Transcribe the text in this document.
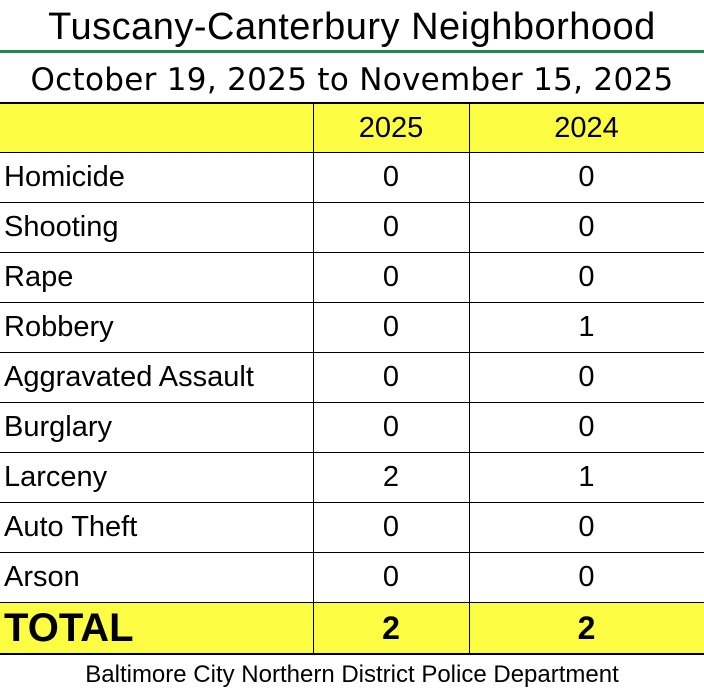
Tuscany-Canterbury Neighborhood
October 19, 2025 to November 15, 2025
	2025	2024
Homicide	0	0
Shooting	0	0
Rape	0	0
Robbery	0	1
Aggravated Assault	0	0
Burglary	0	0
Larceny	2	1
Auto Theft	0	0
Arson	0	0
TOTAL	2	2
Baltimore City Northern District Police Department
